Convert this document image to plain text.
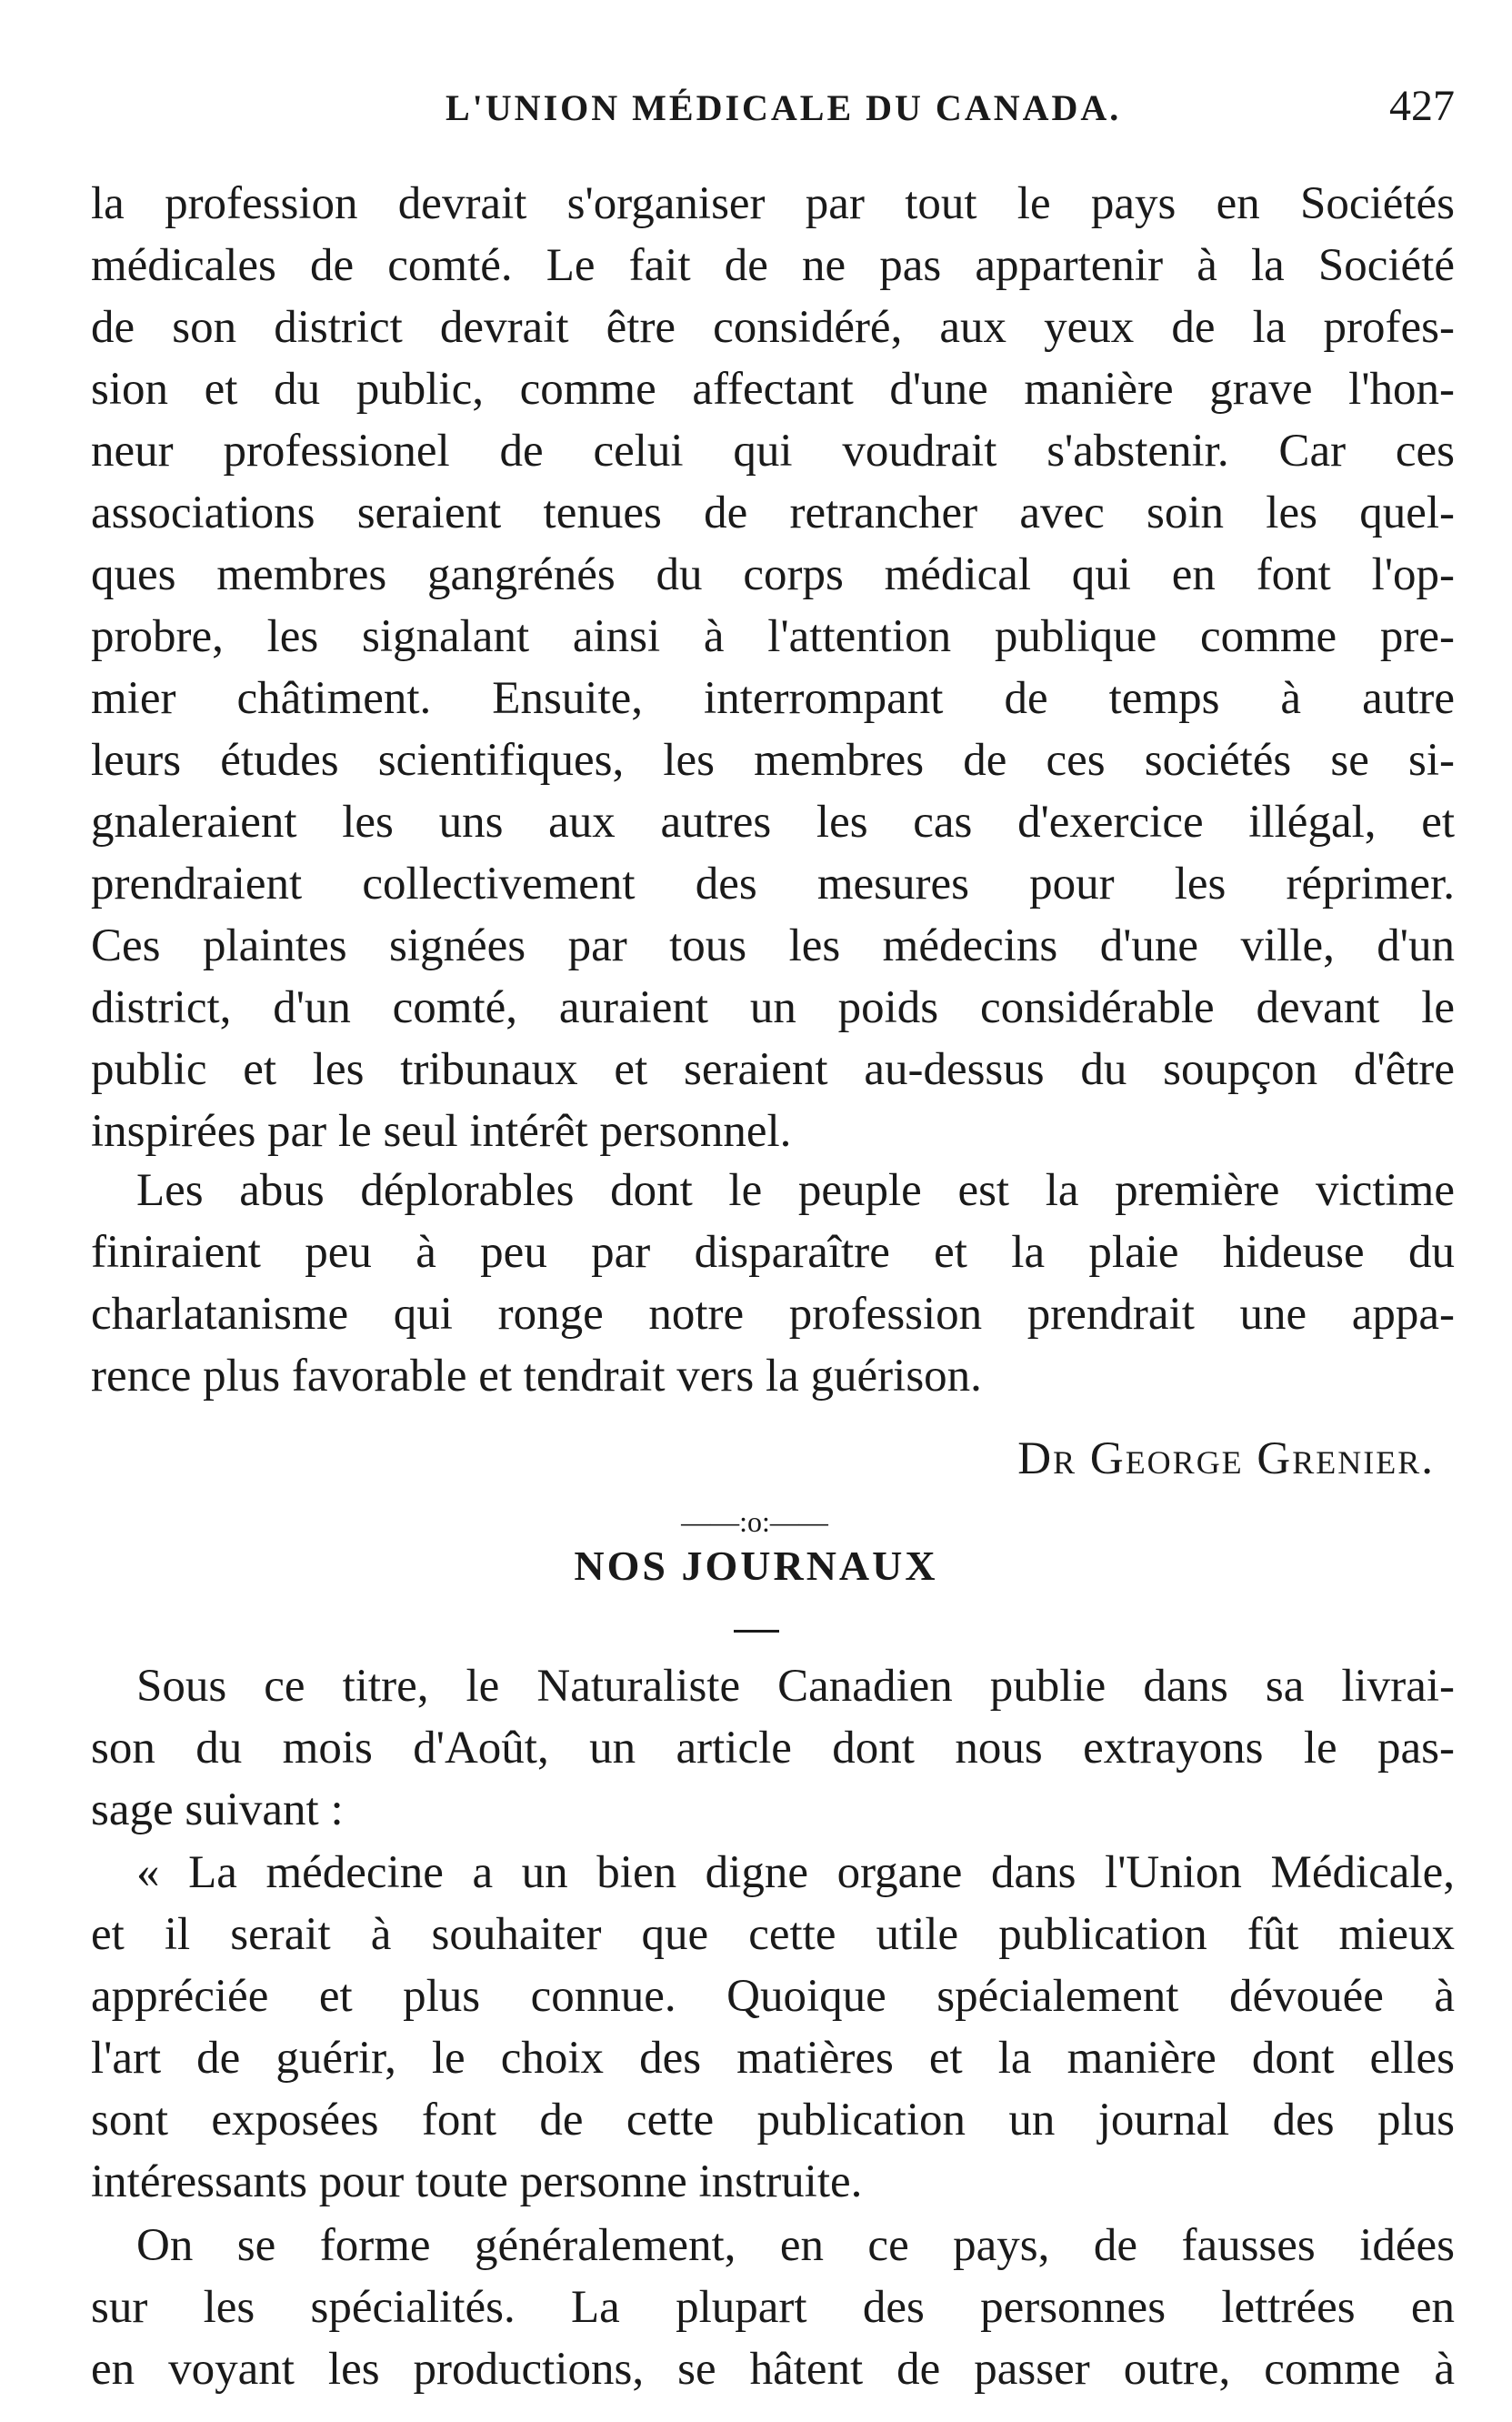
L'UNION MÉDICALE DU CANADA.	427
la profession devrait s'organiser par tout le pays en Sociétés
médicales de comté. Le fait de ne pas appartenir à la Société
de son district devrait être considéré, aux yeux de la profes-
sion et du public, comme affectant d'une manière grave l'hon-
neur professionel de celui qui voudrait s'abstenir. Car ces
associations seraient tenues de retrancher avec soin les quel-
ques membres gangrénés du corps médical qui en font l'op-
probre, les signalant ainsi à l'attention publique comme pre-
mier châtiment. Ensuite, interrompant de temps à autre
leurs études scientifiques, les membres de ces sociétés se si-
gnaleraient les uns aux autres les cas d'exercice illégal, et
prendraient collectivement des mesures pour les réprimer.
Ces plaintes signées par tous les médecins d'une ville, d'un
district, d'un comté, auraient un poids considérable devant le
public et les tribunaux et seraient au-dessus du soupçon d'être
inspirées par le seul intérêt personnel.
Les abus déplorables dont le peuple est la première victime
finiraient peu à peu par disparaître et la plaie hideuse du
charlatanisme qui ronge notre profession prendrait une appa-
rence plus favorable et tendrait vers la guérison.
Dr George Grenier.
——:o:——
NOS JOURNAUX
Sous ce titre, le Naturaliste Canadien publie dans sa livrai-
son du mois d'Août, un article dont nous extrayons le pas-
sage suivant :
« La médecine a un bien digne organe dans l'Union Médicale,
et il serait à souhaiter que cette utile publication fût mieux
appréciée et plus connue. Quoique spécialement dévouée à
l'art de guérir, le choix des matières et la manière dont elles
sont exposées font de cette publication un journal des plus
intéressants pour toute personne instruite.
On se forme généralement, en ce pays, de fausses idées
sur les spécialités. La plupart des personnes lettrées en
en voyant les productions, se hâtent de passer outre, comme à
